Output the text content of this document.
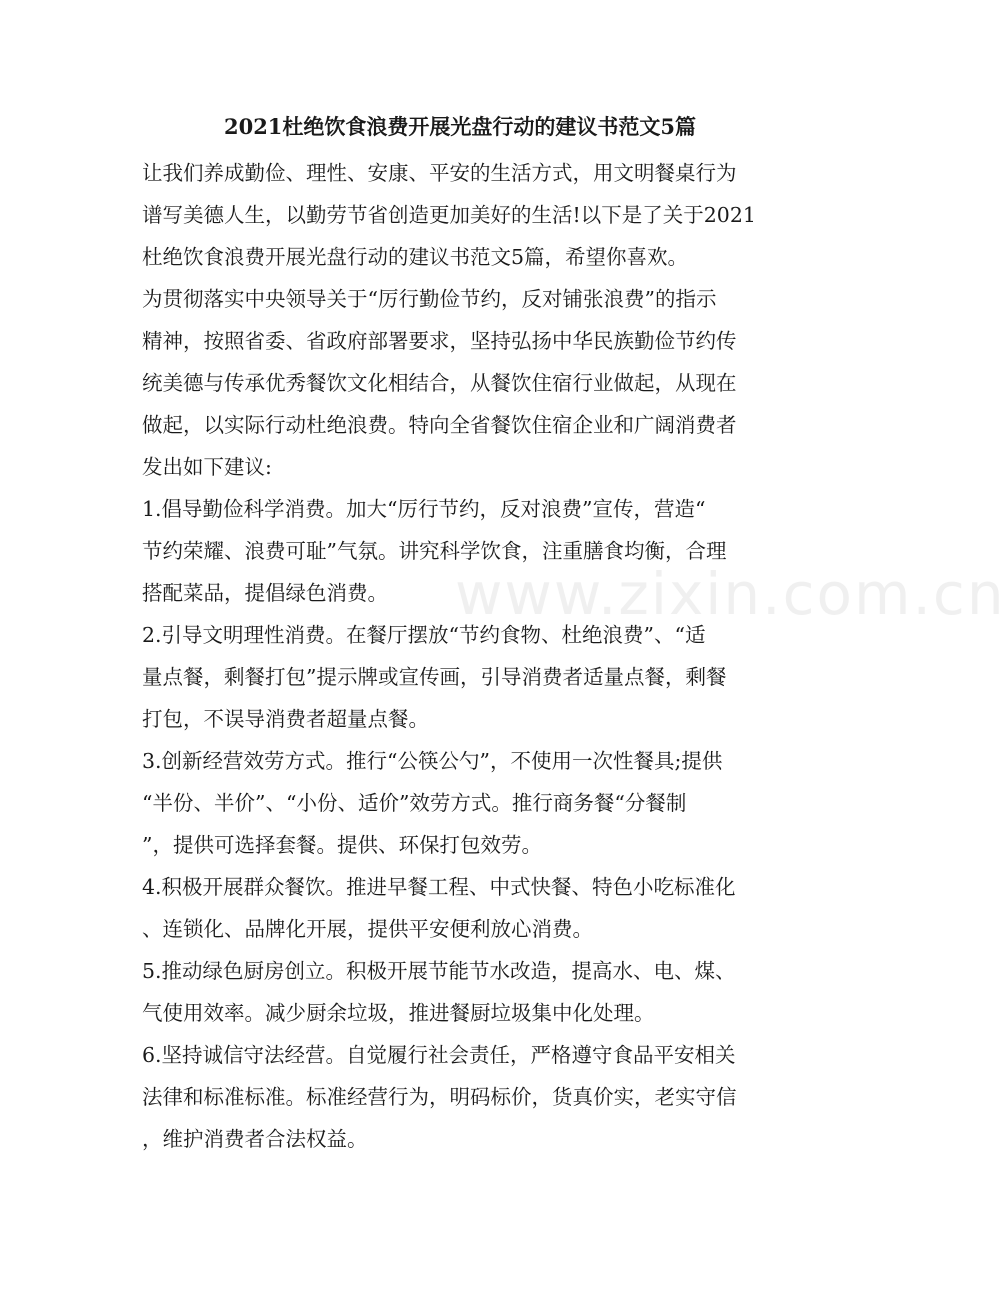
www.zixin.com.cn
2021杜绝饮食浪费开展光盘行动的建议书范文5篇
让我们养成勤俭、理性、安康、平安的生活方式，用文明餐桌行为
谱写美德人生，以勤劳节省创造更加美好的生活!以下是了关于2021
杜绝饮食浪费开展光盘行动的建议书范文5篇，希望你喜欢。
为贯彻落实中央领导关于“厉行勤俭节约，反对铺张浪费”的指示
精神，按照省委、省政府部署要求，坚持弘扬中华民族勤俭节约传
统美德与传承优秀餐饮文化相结合，从餐饮住宿行业做起，从现在
做起，以实际行动杜绝浪费。特向全省餐饮住宿企业和广阔消费者
发出如下建议:
1.倡导勤俭科学消费。加大“厉行节约，反对浪费”宣传，营造“
节约荣耀、浪费可耻”气氛。讲究科学饮食，注重膳食均衡，合理
搭配菜品，提倡绿色消费。
2.引导文明理性消费。在餐厅摆放“节约食物、杜绝浪费”、“适
量点餐，剩餐打包”提示牌或宣传画，引导消费者适量点餐，剩餐
打包，不误导消费者超量点餐。
3.创新经营效劳方式。推行“公筷公勺”，不使用一次性餐具;提供
“半份、半价”、“小份、适价”效劳方式。推行商务餐“分餐制
”，提供可选择套餐。提供、环保打包效劳。
4.积极开展群众餐饮。推进早餐工程、中式快餐、特色小吃标准化
、连锁化、品牌化开展，提供平安便利放心消费。
5.推动绿色厨房创立。积极开展节能节水改造，提高水、电、煤、
气使用效率。减少厨余垃圾，推进餐厨垃圾集中化处理。
6.坚持诚信守法经营。自觉履行社会责任，严格遵守食品平安相关
法律和标准标准。标准经营行为，明码标价，货真价实，老实守信
，维护消费者合法权益。
